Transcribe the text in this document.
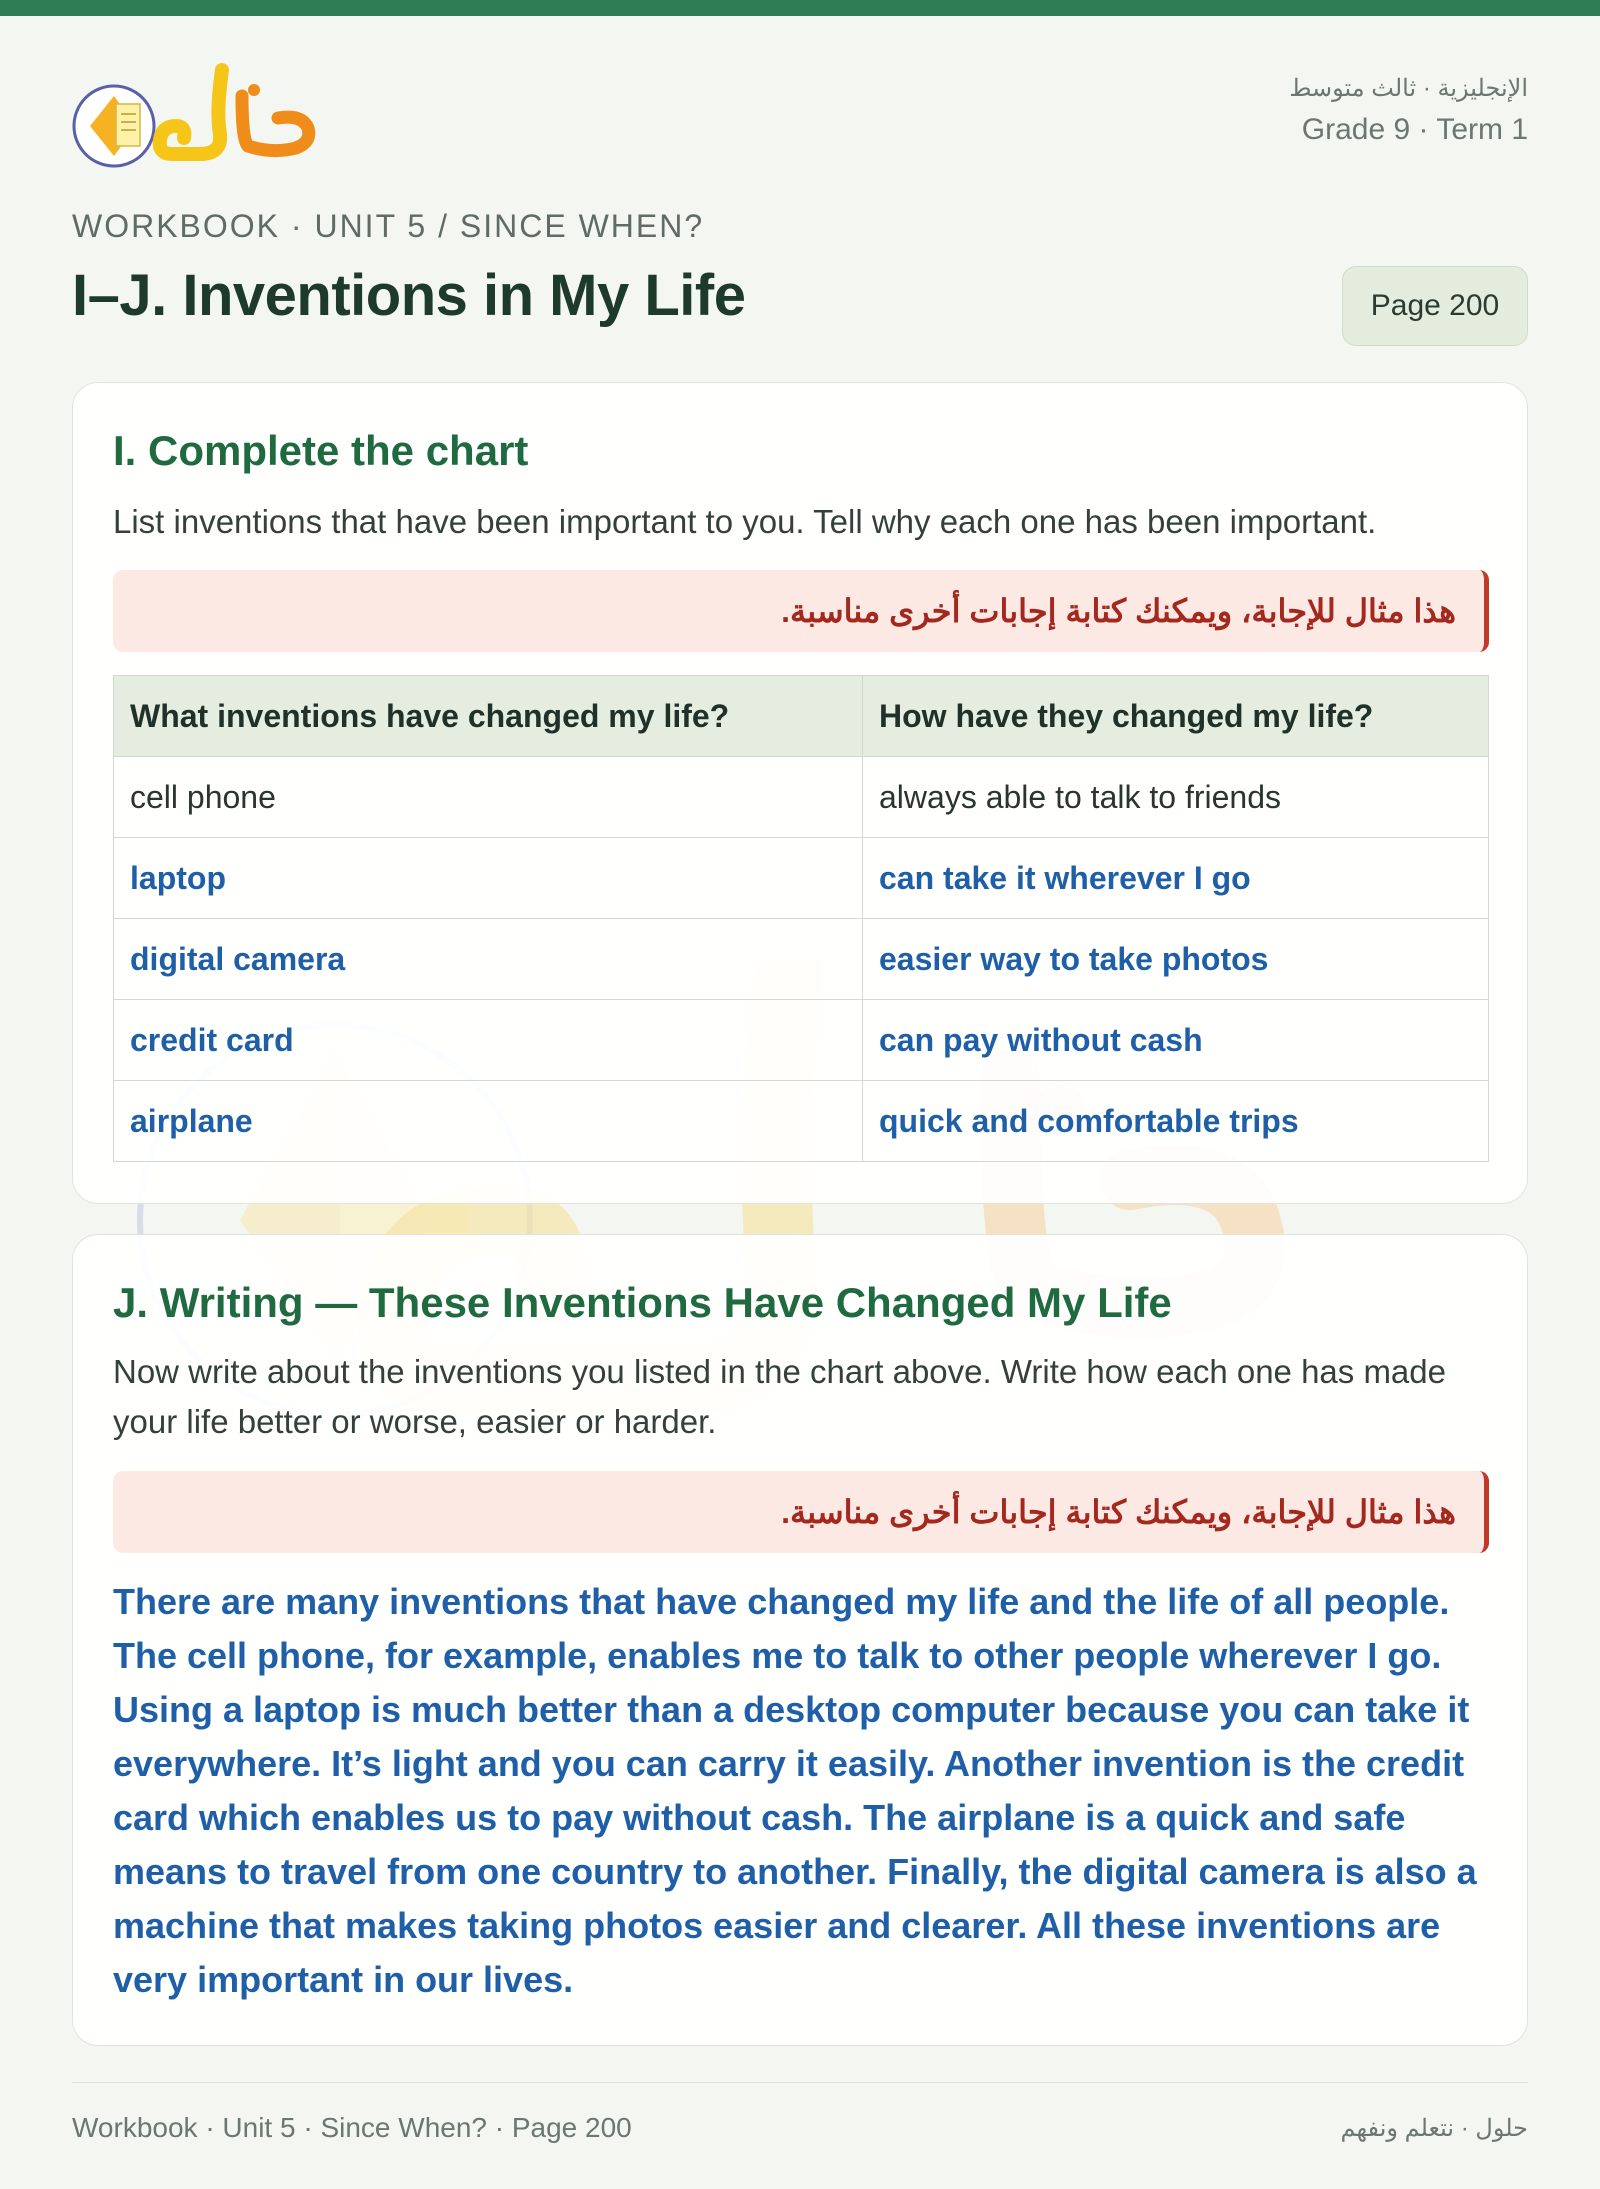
الإنجليزية · ثالث متوسط
Grade 9 · Term 1
WORKBOOK · UNIT 5 / SINCE WHEN?
I–J. Inventions in My Life	Page 200
I. Complete the chart
List inventions that have been important to you. Tell why each one has been important.
هذا مثال للإجابة، ويمكنك كتابة إجابات أخرى مناسبة.
What inventions have changed my life?	How have they changed my life?
cell phone	always able to talk to friends
laptop	can take it wherever I go
digital camera	easier way to take photos
credit card	can pay without cash
airplane	quick and comfortable trips
J. Writing — These Inventions Have Changed My Life
Now write about the inventions you listed in the chart above. Write how each one has made your life better or worse, easier or harder.
هذا مثال للإجابة، ويمكنك كتابة إجابات أخرى مناسبة.

There are many inventions that have changed my life and the life of all people. The cell phone, for example, enables me to talk to other people wherever I go. Using a laptop is much better than a desktop computer because you can take it everywhere. It’s light and you can carry it easily. Another invention is the credit card which enables us to pay without cash. The airplane is a quick and safe means to travel from one country to another. Finally, the digital camera is also a machine that makes taking photos easier and clearer. All these inventions are very important in our lives.

Workbook · Unit 5 · Since When? · Page 200	حلول · نتعلم ونفهم
